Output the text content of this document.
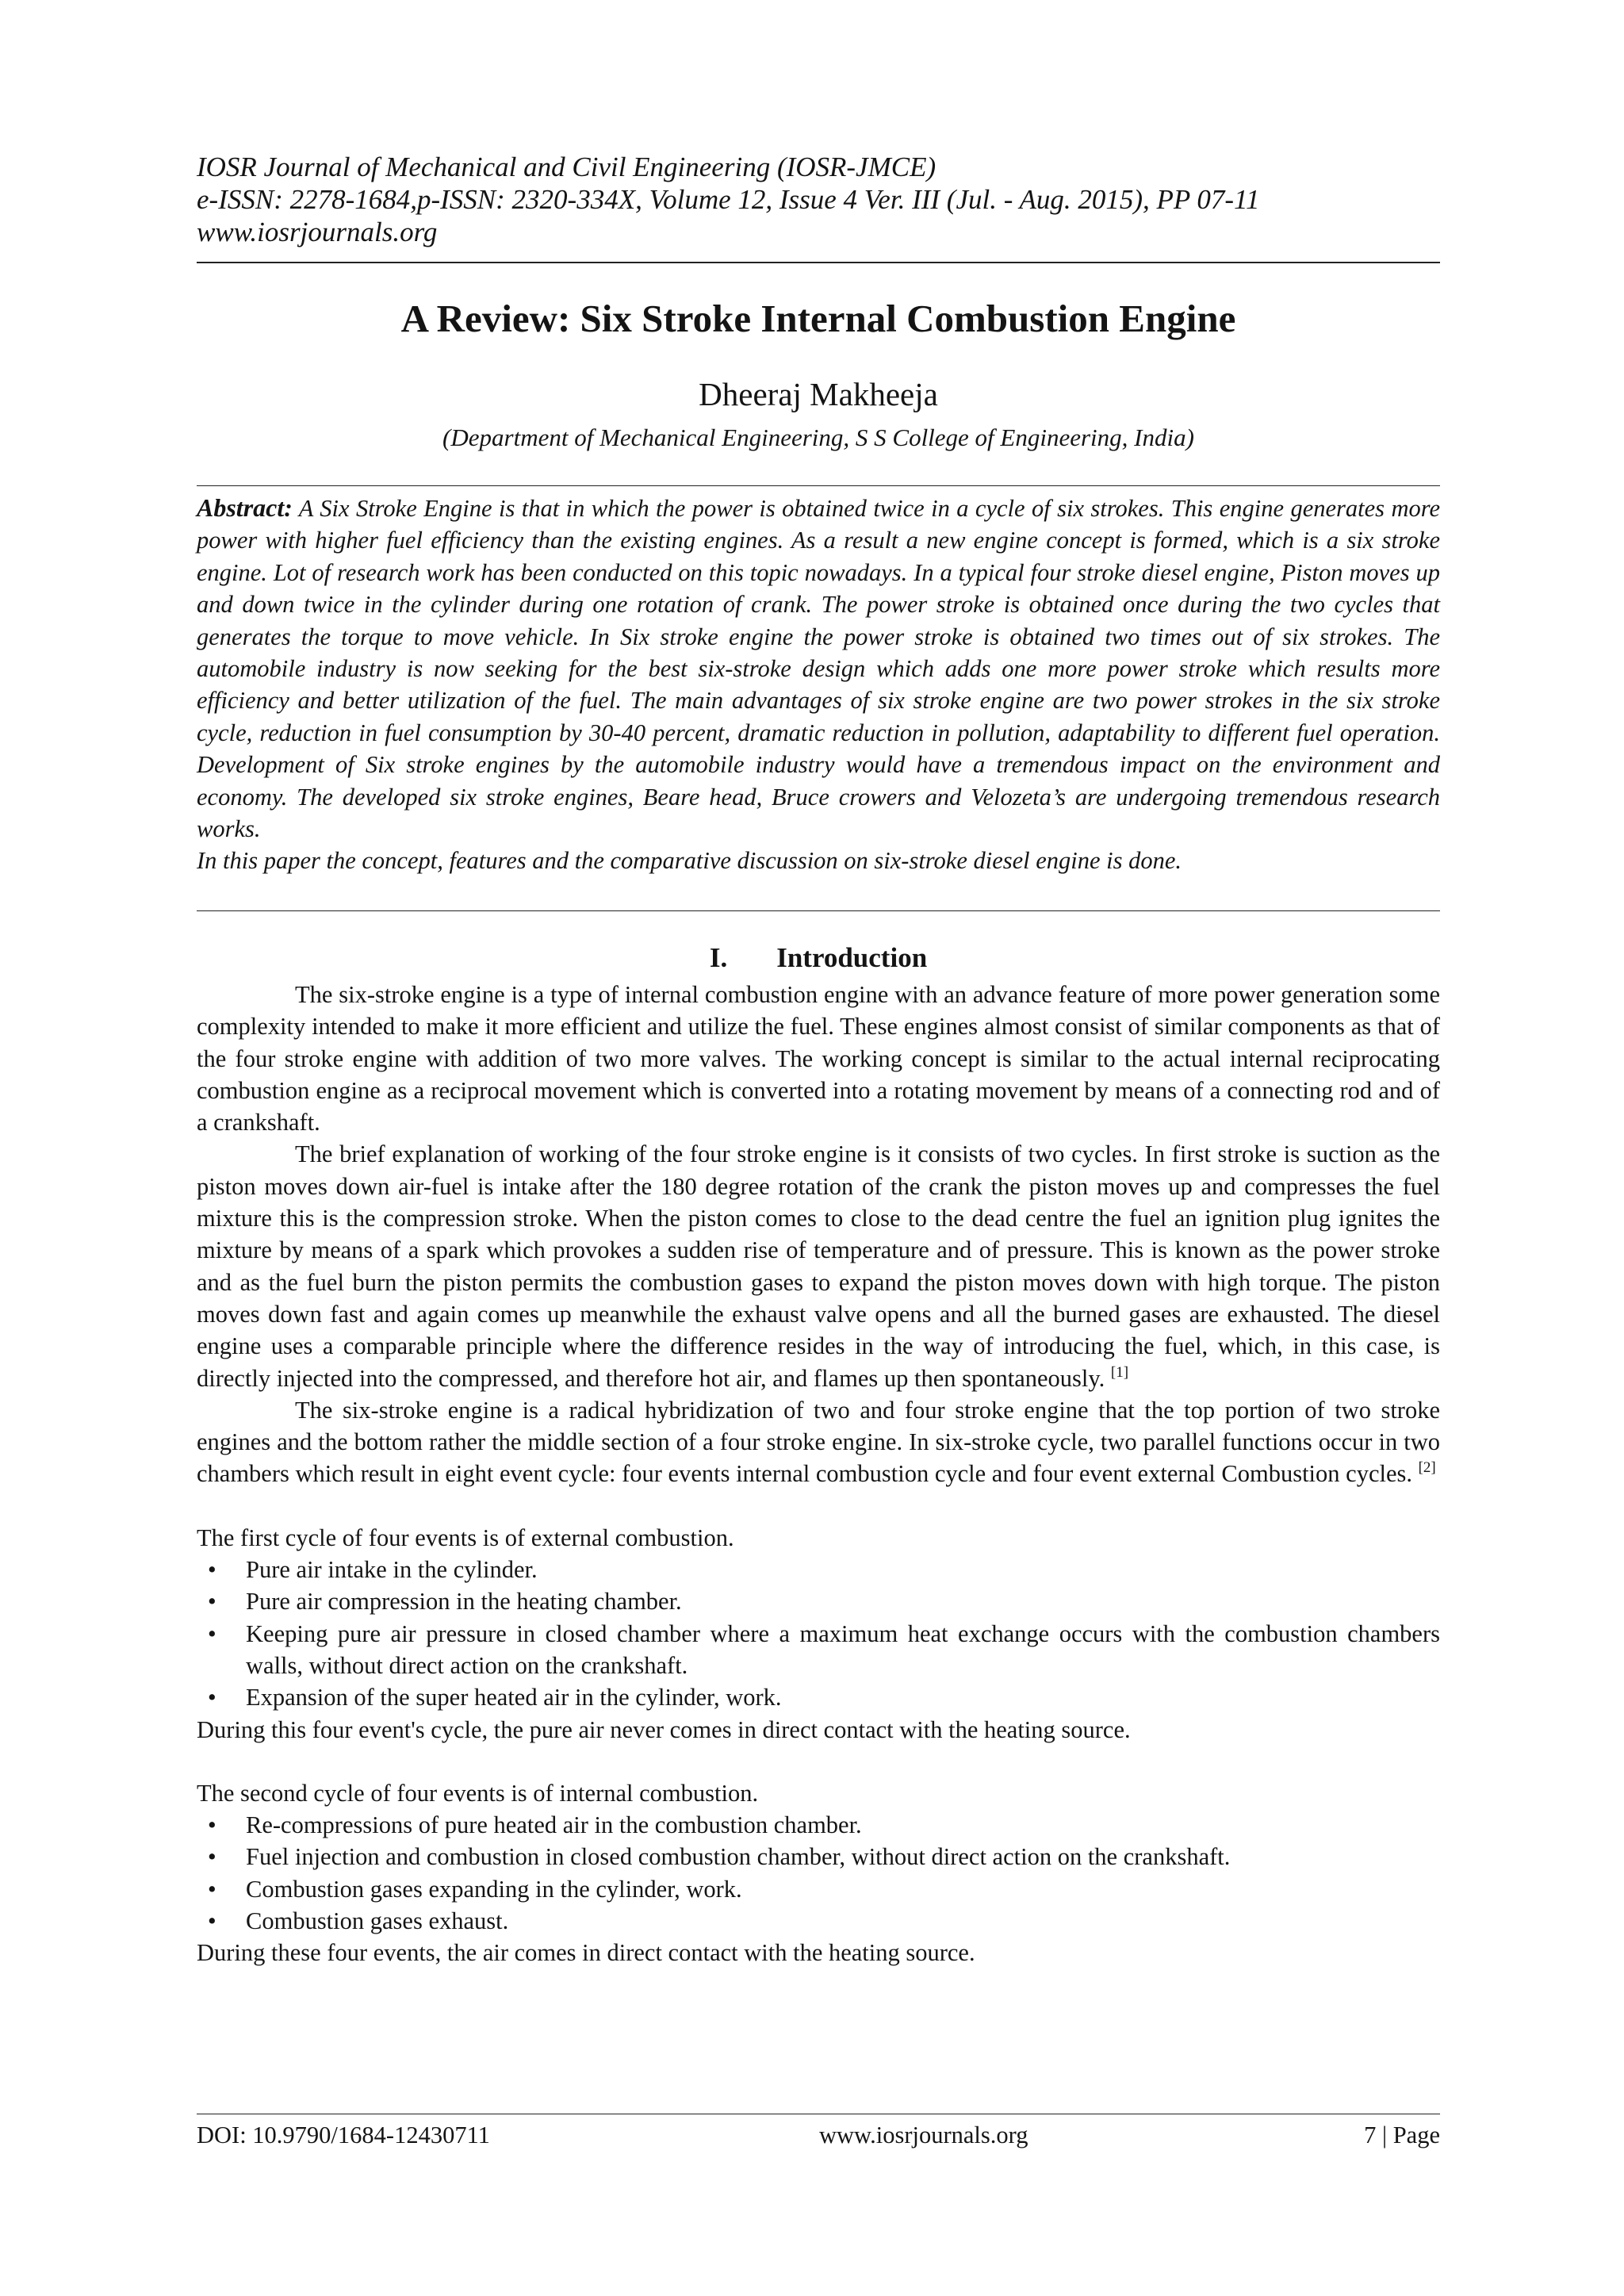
IOSR Journal of Mechanical and Civil Engineering (IOSR-JMCE)
e-ISSN: 2278-1684,p-ISSN: 2320-334X, Volume 12, Issue 4 Ver. III (Jul. - Aug. 2015), PP 07-11
www.iosrjournals.org
A Review: Six Stroke Internal Combustion Engine
Dheeraj Makheeja
(Department of Mechanical Engineering, S S College of Engineering, India)

Abstract: A Six Stroke Engine is that in which the power is obtained twice in a cycle of six strokes. This engine generates more power with higher fuel efficiency than the existing engines. As a result a new engine concept is formed, which is a six stroke engine. Lot of research work has been conducted on this topic nowadays. In a typical four stroke diesel engine, Piston moves up and down twice in the cylinder during one rotation of crank. The power stroke is obtained once during the two cycles that generates the torque to move vehicle. In Six stroke engine the power stroke is obtained two times out of six strokes. The automobile industry is now seeking for the best six-stroke design which adds one more power stroke which results more efficiency and better utilization of the fuel. The main advantages of six stroke engine are two power strokes in the six stroke cycle, reduction in fuel consumption by 30-40 percent, dramatic reduction in pollution, adaptability to different fuel operation. Development of Six stroke engines by the automobile industry would have a tremendous impact on the environment and economy. The developed six stroke engines, Beare head, Bruce crowers and Velozeta’s are undergoing tremendous research works.

In this paper the concept, features and the comparative discussion on six-stroke diesel engine is done.

I. Introduction

The six-stroke engine is a type of internal combustion engine with an advance feature of more power generation some complexity intended to make it more efficient and utilize the fuel. These engines almost consist of similar components as that of the four stroke engine with addition of two more valves. The working concept is similar to the actual internal reciprocating combustion engine as a reciprocal movement which is converted into a rotating movement by means of a connecting rod and of a crankshaft.

The brief explanation of working of the four stroke engine is it consists of two cycles. In first stroke is suction as the piston moves down air-fuel is intake after the 180 degree rotation of the crank the piston moves up and compresses the fuel mixture this is the compression stroke. When the piston comes to close to the dead centre the fuel an ignition plug ignites the mixture by means of a spark which provokes a sudden rise of temperature and of pressure. This is known as the power stroke and as the fuel burn the piston permits the combustion gases to expand the piston moves down with high torque. The piston moves down fast and again comes up meanwhile the exhaust valve opens and all the burned gases are exhausted. The diesel engine uses a comparable principle where the difference resides in the way of introducing the fuel, which, in this case, is directly injected into the compressed, and therefore hot air, and flames up then spontaneously. [1]

The six-stroke engine is a radical hybridization of two and four stroke engine that the top portion of two stroke engines and the bottom rather the middle section of a four stroke engine. In six-stroke cycle, two parallel functions occur in two chambers which result in eight event cycle: four events internal combustion cycle and four event external Combustion cycles. [2]

The first cycle of four events is of external combustion.

• Pure air intake in the cylinder.
• Pure air compression in the heating chamber.
• Keeping pure air pressure in closed chamber where a maximum heat exchange occurs with the combustion chambers walls, without direct action on the crankshaft.
• Expansion of the super heated air in the cylinder, work.

During this four event's cycle, the pure air never comes in direct contact with the heating source.

The second cycle of four events is of internal combustion.

• Re-compressions of pure heated air in the combustion chamber.
• Fuel injection and combustion in closed combustion chamber, without direct action on the crankshaft.
• Combustion gases expanding in the cylinder, work.
• Combustion gases exhaust.

During these four events, the air comes in direct contact with the heating source.

DOI: 10.9790/1684-12430711	www.iosrjournals.org	7 | Page
